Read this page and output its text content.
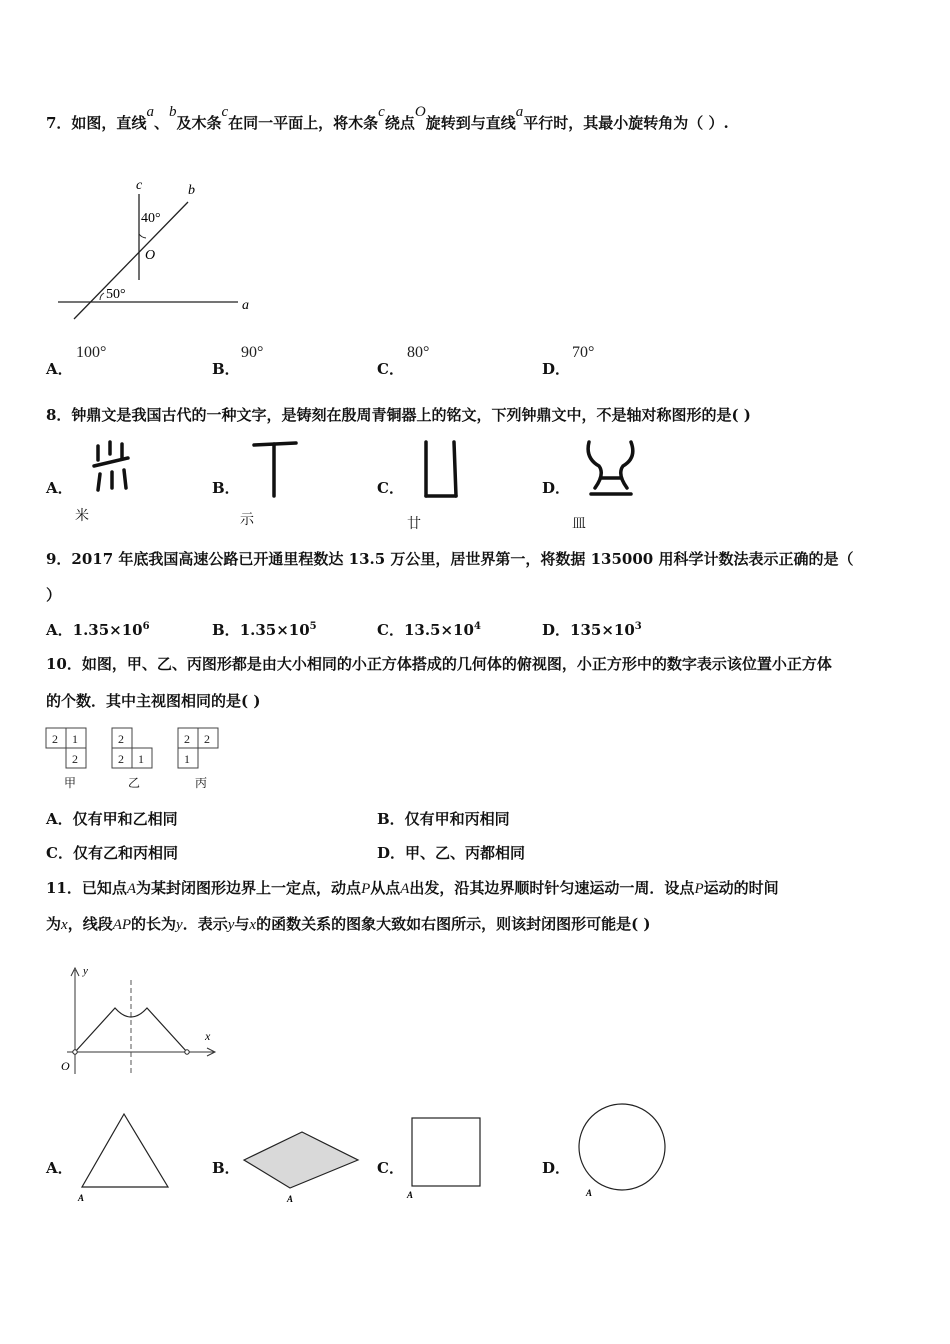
7．如图，直线a、b及木条c在同一平面上，将木条c绕点O旋转到与直线a平行时，其最小旋转角为（ ）.
c	b
40°
O
50°
a
A．
100°
B．
90°
C．
80°
D．
70°
8．钟鼎文是我国古代的一种文字，是铸刻在殷周青铜器上的铭文，下列钟鼎文中，不是轴对称图形的是( )
A．
米
B．
示
C．
廿
D．
皿
9．2017 年底我国高速公路已开通里程数达 13.5 万公里，居世界第一，将数据 135000 用科学计数法表示正确的是（
）
A．$1.35\times 10^6$	B．$1.35\times 10^5$	C．$13.5\times 10^4$	D．$135\times 10^3$
10．如图，甲、乙、丙图形都是由大小相同的小正方体搭成的几何体的俯视图，小正方形中的数字表示该位置小正方体
的个数．其中主视图相同的是( )
2 1
2
2
2 1
2 2
1
甲	乙	丙
A．仅有甲和乙相同	B．仅有甲和丙相同
C．仅有乙和丙相同	D．甲、乙、丙都相同
11．已知点A为某封闭图形边界上一定点，动点P从点A出发，沿其边界顺时针匀速运动一周．设点P运动的时间
为x，线段AP的长为y．表示y与x的函数关系的图象大致如右图所示，则该封闭图形可能是( )
y
x
O
A．
A
B．
A
C．
A
D．
A
